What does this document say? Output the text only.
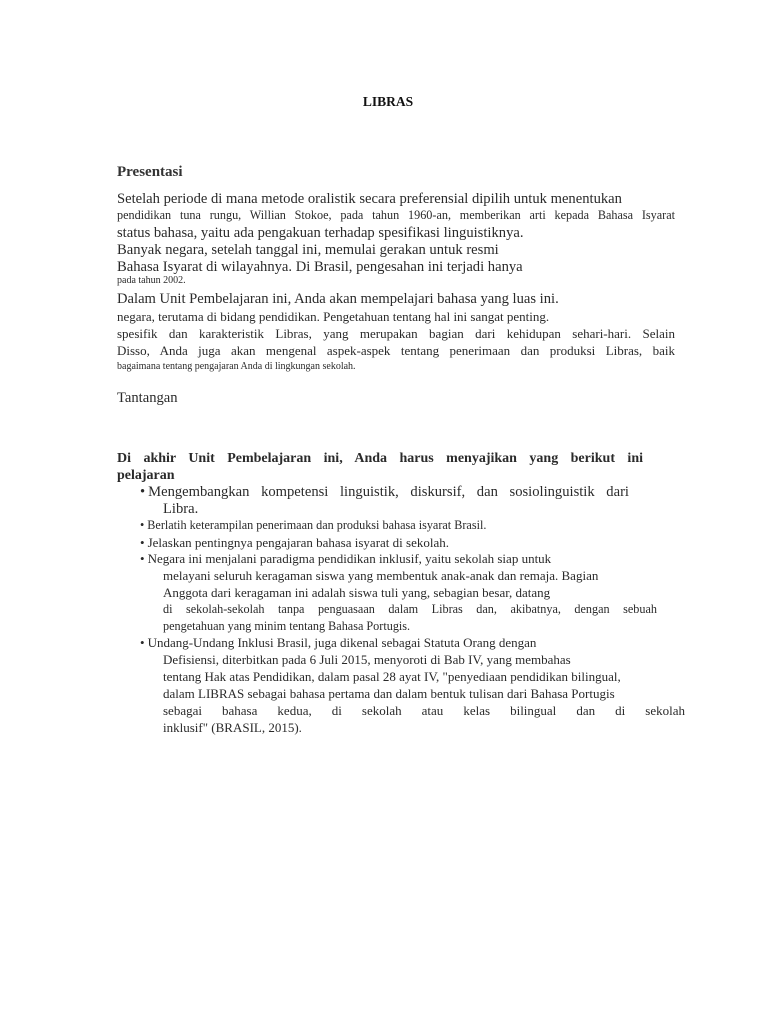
LIBRAS
Presentasi
Setelah periode di mana metode oralistik secara preferensial dipilih untuk menentukan
pendidikan tuna rungu, Willian Stokoe, pada tahun 1960-an, memberikan arti kepada Bahasa Isyarat
status bahasa, yaitu ada pengakuan terhadap spesifikasi linguistiknya.
Banyak negara, setelah tanggal ini, memulai gerakan untuk resmi
Bahasa Isyarat di wilayahnya. Di Brasil, pengesahan ini terjadi hanya
pada tahun 2002.
Dalam Unit Pembelajaran ini, Anda akan mempelajari bahasa yang luas ini.
negara, terutama di bidang pendidikan. Pengetahuan tentang hal ini sangat penting.
spesifik dan karakteristik Libras, yang merupakan bagian dari kehidupan sehari-hari. Selain
Disso, Anda juga akan mengenal aspek-aspek tentang penerimaan dan produksi Libras, baik
bagaimana tentang pengajaran Anda di lingkungan sekolah.
Tantangan
Di akhir Unit Pembelajaran ini, Anda harus menyajikan yang berikut ini
pelajaran
• Mengembangkan kompetensi linguistik, diskursif, dan sosiolinguistik dari
Libra.
• Berlatih keterampilan penerimaan dan produksi bahasa isyarat Brasil.
• Jelaskan pentingnya pengajaran bahasa isyarat di sekolah.
• Negara ini menjalani paradigma pendidikan inklusif, yaitu sekolah siap untuk
melayani seluruh keragaman siswa yang membentuk anak-anak dan remaja. Bagian
Anggota dari keragaman ini adalah siswa tuli yang, sebagian besar, datang
di sekolah-sekolah tanpa penguasaan dalam Libras dan, akibatnya, dengan sebuah
pengetahuan yang minim tentang Bahasa Portugis.
• Undang-Undang Inklusi Brasil, juga dikenal sebagai Statuta Orang dengan
Defisiensi, diterbitkan pada 6 Juli 2015, menyoroti di Bab IV, yang membahas
tentang Hak atas Pendidikan, dalam pasal 28 ayat IV, "penyediaan pendidikan bilingual,
dalam LIBRAS sebagai bahasa pertama dan dalam bentuk tulisan dari Bahasa Portugis
sebagai bahasa kedua, di sekolah atau kelas bilingual dan di sekolah
inklusif" (BRASIL, 2015).
